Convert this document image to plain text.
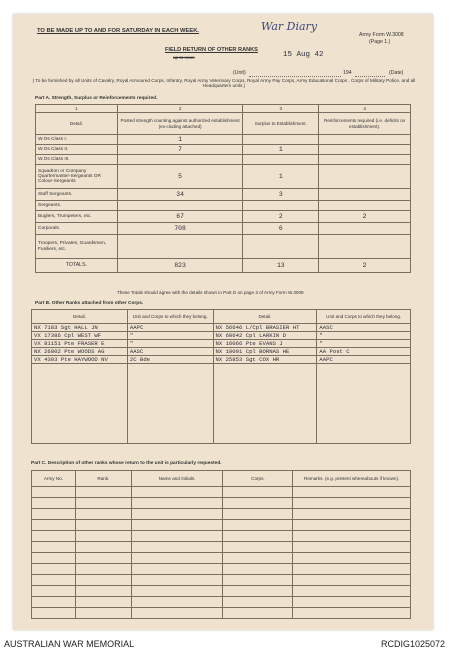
TO BE MADE UP TO AND FOR SATURDAY IN EACH WEEK.	War Diary
Army Form W.3008
(Page 1.)
FIELD RETURN OF OTHER RANKS
up to noon	15 Aug 42
(Unit)	194	(Date)
( To be furnished by all Units of Cavalry, Royal Armoured Corps, Infantry, Royal Army Veterinary Corps, Royal Army Pay Corps, Army Educational Corps , Corps of Military Police, and all Headquarters units.)
Part A. Strength, Surplus or Reinforcements required.
1	2	3	4
Detail.	Posted strength counting against authorized establishment (ex-cluding attached)	Surplus to Establishment.	Reinforcements required (i.e. deficits on establishment).
W.Os Class I.	1		
W.Os Class II.	7	1	
W.Os Class III.			
Squadron or Company Quartermaster-Sergeants OR Colour-Sergeants	5	1	
Staff Sergeants.	34	3	
Sergeants.			
Buglers, Trumpeters, etc.	67	2	2
Corporals.	708	6	
Troopers, Privates, Guardsmen, Fusiliers, etc.			
TOTALS.	823	13	2
These Totals should agree with the details shown in Part D on page 3 of Army Form W.3009
Part B. Other Ranks attached from other Corps.
Detail.	Unit and Corps to which they belong.	Detail.	Unit and Corps to which they belong.
NX 7183 Sgt HALL JN	AAPC	NX 56646 L/Cpl BRASIER HT	AASC
VX 17386 Cpl WEST WF	"	NX 60642 Cpl LARKIN D	"
VX 81151 Pte FRASER E	"	NX 16066 Pte EVANS J	"
NX 26802 Pte WOODS AG	AASC	NX 10001 Cpl BORNAS HE	AA Post C
VX 4303 Pte HAYWOOD NV	2C Bde	NX 25853 Sgt COX HR	AAPC

Part C. Description of other ranks whose return to the unit is particularly requested.
Army No.	Rank.	Name and Initials.	Corps.	Remarks. (e.g. present whereabouts if known).

AUSTRALIAN WAR MEMORIAL	RCDIG1025072
